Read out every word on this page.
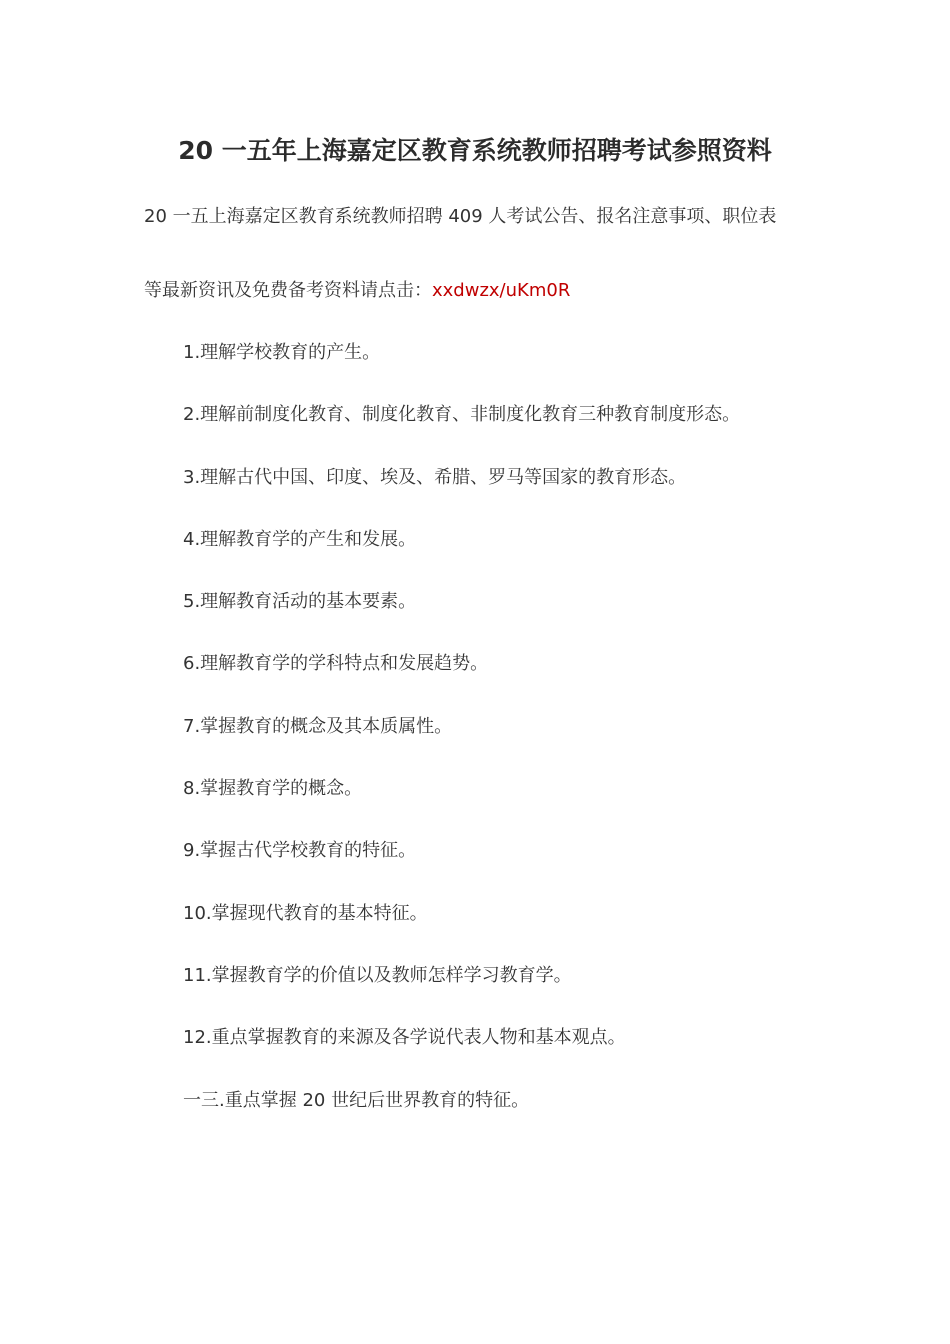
20 一五年上海嘉定区教育系统教师招聘考试参照资料

20 一五上海嘉定区教育系统教师招聘 409 人考试公告、报名注意事项、职位表

等最新资讯及免费备考资料请点击：xxdwzx/uKm0R

1.理解学校教育的产生。
2.理解前制度化教育、制度化教育、非制度化教育三种教育制度形态。
3.理解古代中国、印度、埃及、希腊、罗马等国家的教育形态。
4.理解教育学的产生和发展。
5.理解教育活动的基本要素。
6.理解教育学的学科特点和发展趋势。
7.掌握教育的概念及其本质属性。
8.掌握教育学的概念。
9.掌握古代学校教育的特征。
10.掌握现代教育的基本特征。
11.掌握教育学的价值以及教师怎样学习教育学。
12.重点掌握教育的来源及各学说代表人物和基本观点。
一三.重点掌握 20 世纪后世界教育的特征。
